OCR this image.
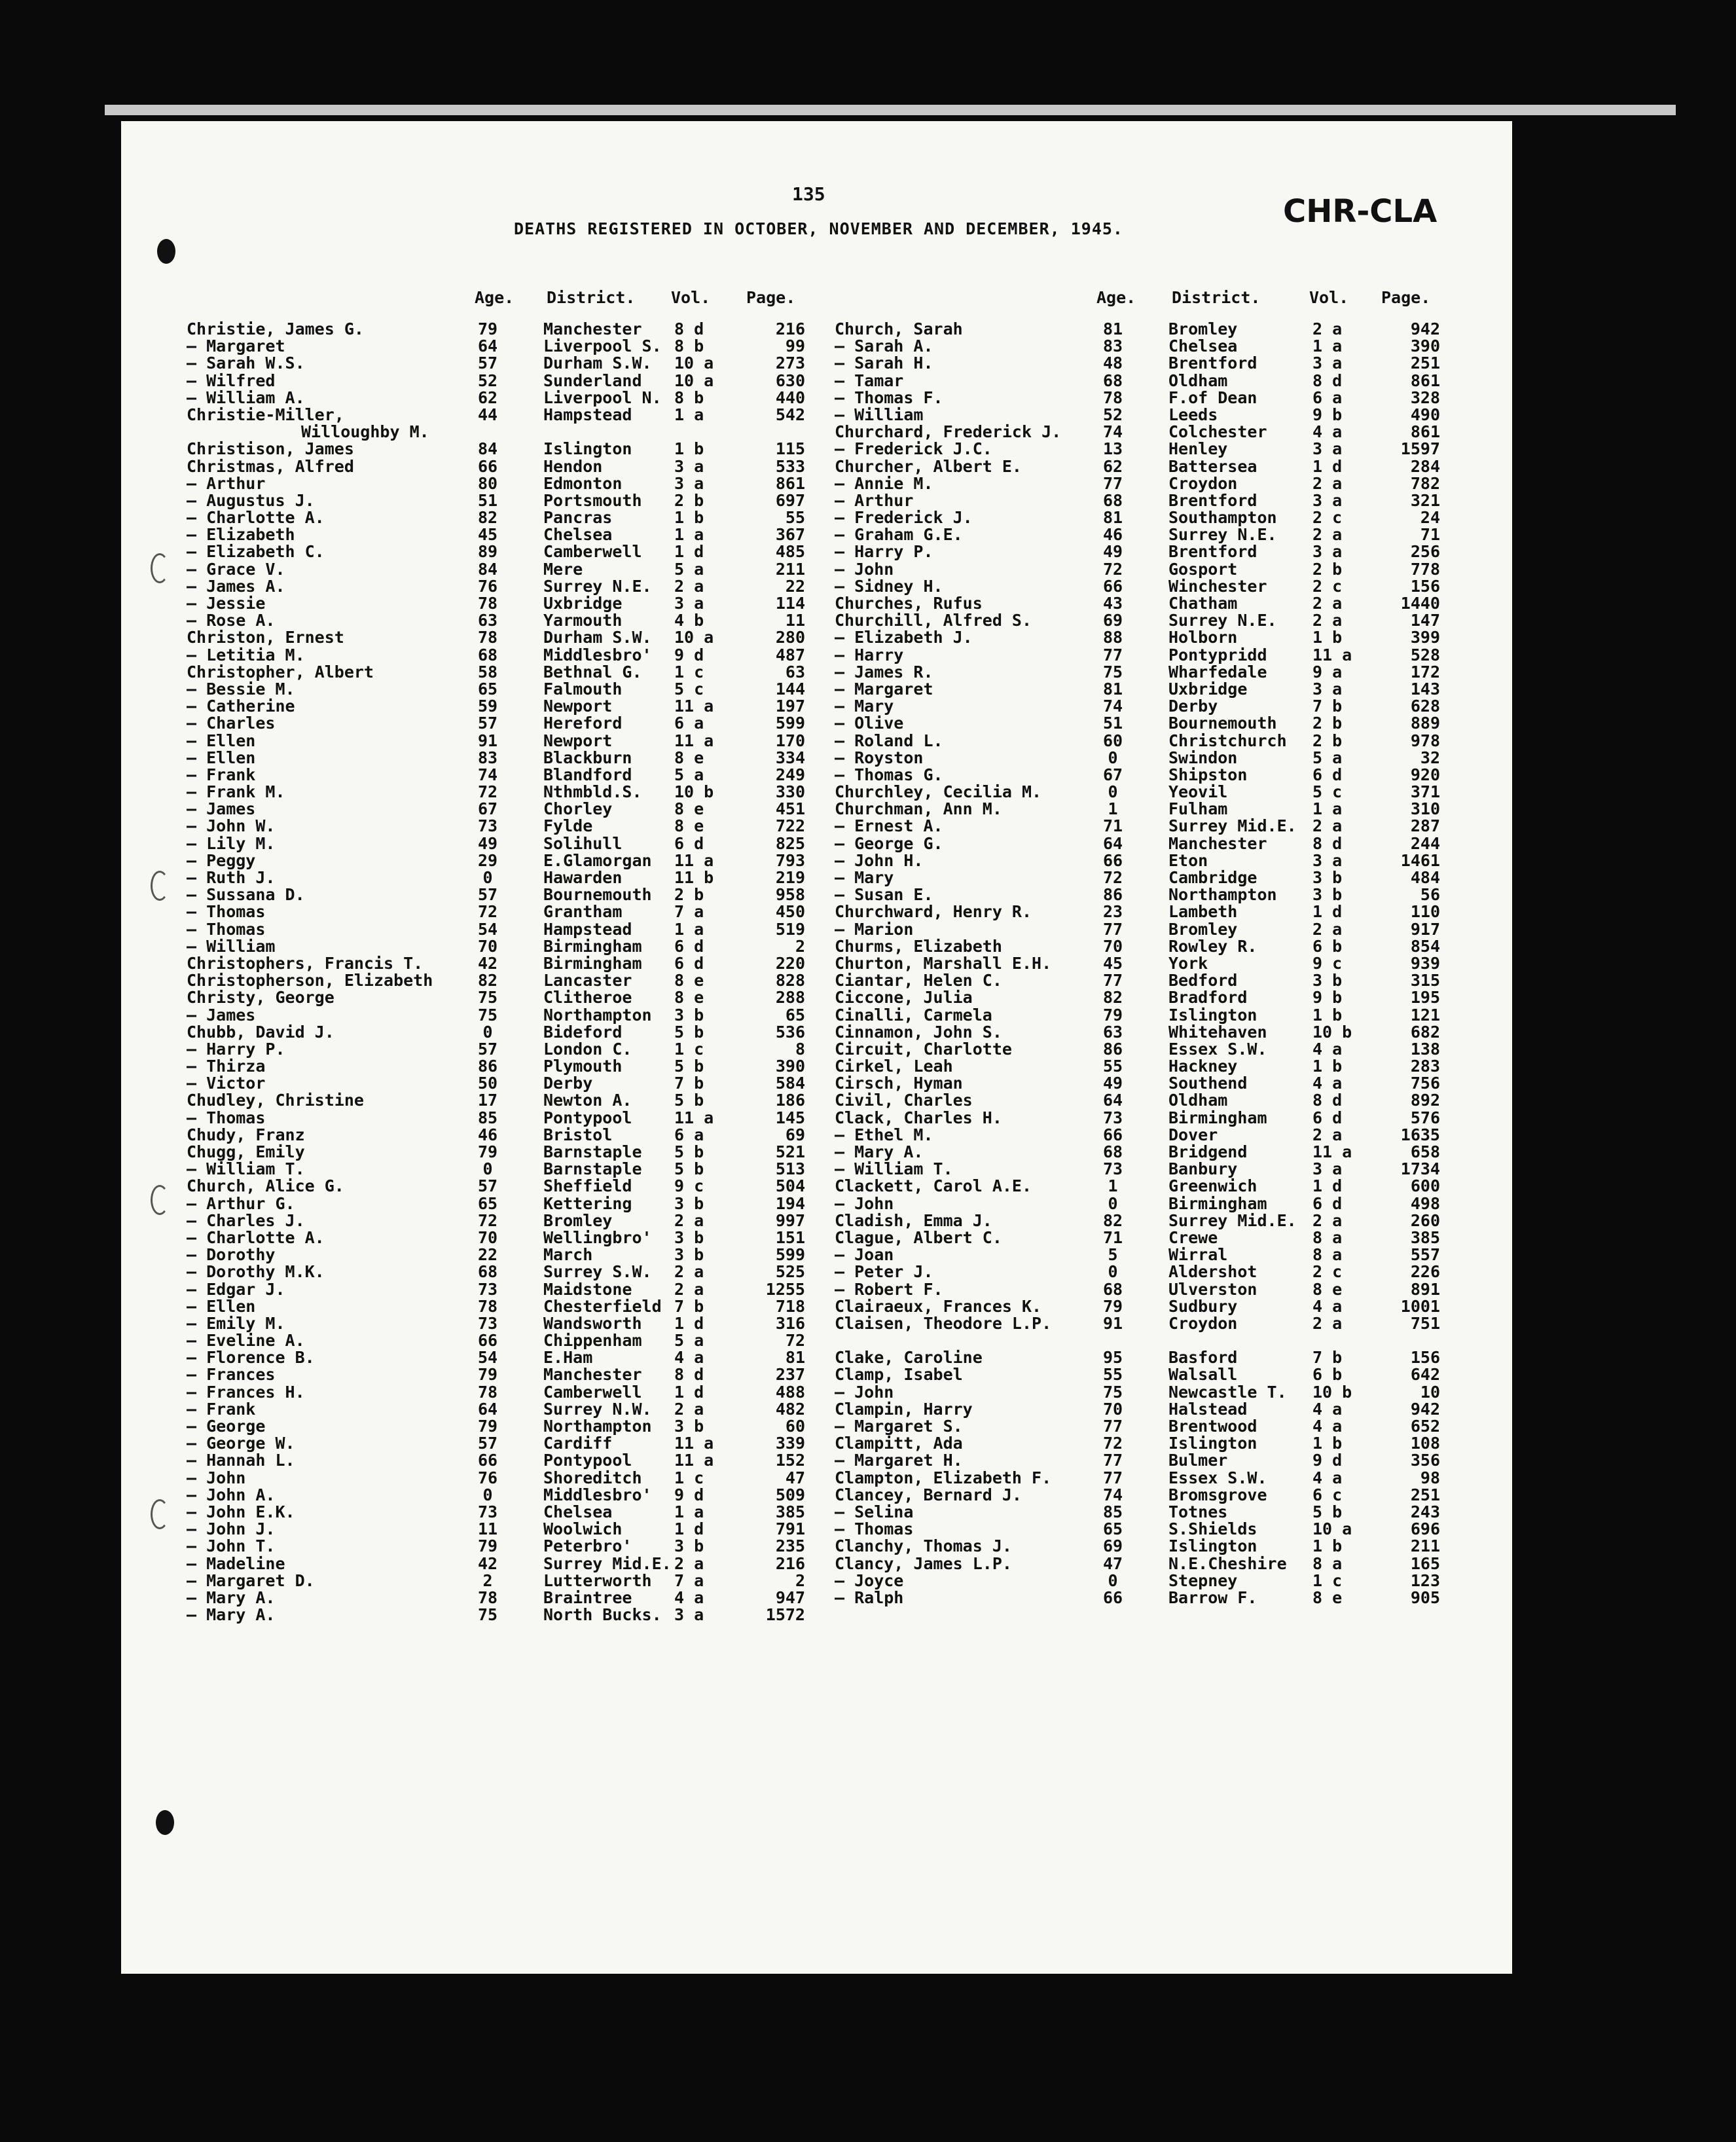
135
DEATHS REGISTERED IN OCTOBER, NOVEMBER AND DECEMBER, 1945.	CHR-CLA
Age. District. Vol. Page.
Christie, James G.	79	Manchester 8 d	216
— Margaret	64	Liverpool S. 8 b	99
— Sarah W.S.	57	Durham S.W. 10 a	273
— Wilfred	52	Sunderland 10 a	630
— William A.	62	Liverpool N. 8 b	440
Christie-Miller,	44	Hampstead	1 a	542
Willoughby M.
Christison, James	84	Islington	1 b	115
Christmas, Alfred	66	Hendon	3 a	533
— Arthur	80	Edmonton	3 a	861
— Augustus J.	51	Portsmouth 2 b	697
— Charlotte A.	82	Pancras	1 b	55
— Elizabeth	45	Chelsea	1 a	367
— Elizabeth C.	89	Camberwell 1 d	485
— Grace V.	84	Mere	5 a	211
— James A.	76	Surrey N.E. 2 a	22
— Jessie	78	Uxbridge	3 a	114
— Rose A.	63	Yarmouth	4 b	11
Christon, Ernest	78	Durham S.W. 10 a	280
— Letitia M.	68	Middlesbro' 9 d	487
Christopher, Albert	58	Bethnal G. 1 c	63
— Bessie M.	65	Falmouth	5 c	144
— Catherine	59	Newport	11 a	197
— Charles	57	Hereford	6 a	599
— Ellen	91	Newport	11 a	170
— Ellen	83	Blackburn	8 e	334
— Frank	74	Blandford	5 a	249
— Frank M.	72	Nthmbld.S. 10 b	330
— James	67	Chorley	8 e	451
— John W.	73	Fylde	8 e	722
— Lily M.	49	Solihull	6 d	825
— Peggy	29	E.Glamorgan 11 a	793
— Ruth J.	0	Hawarden	11 b	219
— Sussana D.	57	Bournemouth 2 b	958
— Thomas	72	Grantham	7 a	450
— Thomas	54	Hampstead	1 a	519
— William	70	Birmingham 6 d	2
Christophers, Francis T.	42	Birmingham 6 d	220
Christopherson, Elizabeth	82	Lancaster	8 e	828
Christy, George	75	Clitheroe	8 e	288
— James	75	Northampton 3 b	65
Chubb, David J.	0	Bideford	5 b	536
— Harry P.	57	London C.	1 c	8
— Thirza	86	Plymouth	5 b	390
— Victor	50	Derby	7 b	584
Chudley, Christine	17	Newton A.	5 b	186
— Thomas	85	Pontypool	11 a	145
Chudy, Franz	46	Bristol	6 a	69
Chugg, Emily	79	Barnstaple 5 b	521
— William T.	0	Barnstaple 5 b	513
Church, Alice G.	57	Sheffield	9 c	504
— Arthur G.	65	Kettering	3 b	194
— Charles J.	72	Bromley	2 a	997
— Charlotte A.	70	Wellingbro' 3 b	151
— Dorothy	22	March	3 b	599
— Dorothy M.K.	68	Surrey S.W. 2 a	525
— Edgar J.	73	Maidstone	2 a	1255
— Ellen	78	Chesterfield 7 b	718
— Emily M.	73	Wandsworth 1 d	316
— Eveline A.	66	Chippenham 5 a	72
— Florence B.	54	E.Ham	4 a	81
— Frances	79	Manchester 8 d	237
— Frances H.	78	Camberwell 1 d	488
— Frank	64	Surrey N.W. 2 a	482
— George	79	Northampton 3 b	60
— George W.	57	Cardiff	11 a	339
— Hannah L.	66	Pontypool	11 a	152
— John	76	Shoreditch 1 c	47
— John A.	0	Middlesbro' 9 d	509
— John E.K.	73	Chelsea	1 a	385
— John J.	11	Woolwich	1 d	791
— John T.	79	Peterbro'	3 b	235
— Madeline	42	Surrey Mid.E. 2 a	216
— Margaret D.	2	Lutterworth 7 a	2
— Mary A.	78	Braintree	4 a	947
— Mary A.	75	North Bucks. 3 a	1572
Age. District.	Vol. Page.
Church, Sarah	81	Bromley	2 a	942
— Sarah A.	83	Chelsea	1 a	390
— Sarah H.	48	Brentford	3 a	251
— Tamar	68	Oldham	8 d	861
— Thomas F.	78	F.of Dean	6 a	328
— William	52	Leeds	9 b	490
Churchard, Frederick J.	74	Colchester	4 a	861
— Frederick J.C.	13	Henley	3 a	1597
Churcher, Albert E.	62	Battersea	1 d	284
— Annie M.	77	Croydon	2 a	782
— Arthur	68	Brentford	3 a	321
— Frederick J.	81	Southampton 2 c	24
— Graham G.E.	46	Surrey N.E. 2 a	71
— Harry P.	49	Brentford	3 a	256
— John	72	Gosport	2 b	778
— Sidney H.	66	Winchester	2 c	156
Churches, Rufus	43	Chatham	2 a	1440
Churchill, Alfred S.	69	Surrey N.E. 2 a	147
— Elizabeth J.	88	Holborn	1 b	399
— Harry	77	Pontypridd	11 a	528
— James R.	75	Wharfedale	9 a	172
— Margaret	81	Uxbridge	3 a	143
— Mary	74	Derby	7 b	628
— Olive	51	Bournemouth 2 b	889
— Roland L.	60	Christchurch 2 b	978
— Royston	0	Swindon	5 a	32
— Thomas G.	67	Shipston	6 d	920
Churchley, Cecilia M.	0	Yeovil	5 c	371
Churchman, Ann M.	1	Fulham	1 a	310
— Ernest A.	71	Surrey Mid.E. 2 a	287
— George G.	64	Manchester	8 d	244
— John H.	66	Eton	3 a	1461
— Mary	72	Cambridge	3 b	484
— Susan E.	86	Northampton 3 b	56
Churchward, Henry R.	23	Lambeth	1 d	110
— Marion	77	Bromley	2 a	917
Churms, Elizabeth	70	Rowley R.	6 b	854
Churton, Marshall E.H.	45	York	9 c	939
Ciantar, Helen C.	77	Bedford	3 b	315
Ciccone, Julia	82	Bradford	9 b	195
Cinalli, Carmela	79	Islington	1 b	121
Cinnamon, John S.	63	Whitehaven	10 b	682
Circuit, Charlotte	86	Essex S.W.	4 a	138
Cirkel, Leah	55	Hackney	1 b	283
Cirsch, Hyman	49	Southend	4 a	756
Civil, Charles	64	Oldham	8 d	892
Clack, Charles H.	73	Birmingham	6 d	576
— Ethel M.	66	Dover	2 a	1635
— Mary A.	68	Bridgend	11 a	658
— William T.	73	Banbury	3 a	1734
Clackett, Carol A.E.	1	Greenwich	1 d	600
— John	0	Birmingham	6 d	498
Cladish, Emma J.	82	Surrey Mid.E. 2 a	260
Clague, Albert C.	71	Crewe	8 a	385
— Joan	5	Wirral	8 a	557
— Peter J.	0	Aldershot	2 c	226
— Robert F.	68	Ulverston	8 e	891
Clairaeux, Frances K.	79	Sudbury	4 a	1001
Claisen, Theodore L.P.	91	Croydon	2 a	751
Clake, Caroline	95	Basford	7 b	156
Clamp, Isabel	55	Walsall	6 b	642
— John	75	Newcastle T. 10 b	10
Clampin, Harry	70	Halstead	4 a	942
— Margaret S.	77	Brentwood	4 a	652
Clampitt, Ada	72	Islington	1 b	108
— Margaret H.	77	Bulmer	9 d	356
Clampton, Elizabeth F.	77	Essex S.W.	4 a	98
Clancey, Bernard J.	74	Bromsgrove	6 c	251
— Selina	85	Totnes	5 b	243
— Thomas	65	S.Shields	10 a	696
Clanchy, Thomas J.	69	Islington	1 b	211
Clancy, James L.P.	47	N.E.Cheshire 8 a	165
— Joyce	0	Stepney	1 c	123
— Ralph	66	Barrow F.	8 e	905
